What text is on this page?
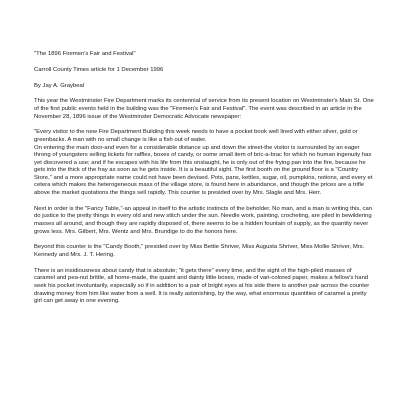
"The 1896 Firemen's Fair and Festival"

Carroll County Times article for 1 December 1996

By Jay A. Graybeal

This year the Westminster Fire Department marks its centennial of service from its present location on Westminster's Main St. One of the first public events held in the building was the "Firemen's Fair and Festival". The event was described in an article in the November 28, 1896 issue of the Westminster Democratic Advocate newspaper:

"Every visitor to the new Fire Department Building this week needs to have a pocket book well lined with either silver, gold or greenbacks. A man with no small change is like a fish out of water.

On entering the main door-and even for a considerable distance up and down the street-the visitor is surrounded by an eager throng of youngsters selling tickets for raffles, boxes of candy, or some small item of bric-a-brac for which no human ingenuity has yet discovered a use; and if he escapes with his life from this onslaught, he is only out of the frying pan into the fire, because he gets into the thick of the fray as soon as he gets inside. It is a beautiful sight. The first booth on the ground floor is a "Country Store," and a more appropriate name could not have been devised. Pots, pans, kettles, sugar, oil, pumpkins, notions, and every et cetera which makes the heterogeneous mass of the village store, is found here in abundance, and though the prices are a trifle above the market quotations the things sell rapidly. This counter is presided over by Mrs. Slagle and Mrs. Herr.

Next in order is the "Fancy Table,"-an appeal in itself to the artistic instincts of the beholder. No man, and a man is writing this, can do justice to the pretty things in every old and new stitch under the sun. Needle work, painting, crocheting, are piled in bewildering masses all around, and though they are rapidly disposed of, there seems to be a hidden fountain of supply, as the quantity never grows less. Mrs. Gilbert, Mrs. Wentz and Mrs. Brundige to do the honors here.

Beyond this counter is the "Candy Booth," presided over by Miss Bettie Shriver, Miss Augusta Shriver, Miss Mollie Shriver, Mrs. Kennedy and Mrs. J. T. Hering.

There is an insidiousness about candy that is absolute; "it gets there" every time, and the sight of the high-piled masses of caramel and pea-nut brittle, all home-made, the quaint and dainty little boxes, made of vari-colored paper, makes a fellow's hand seek his pocket involuntarily, especially so if in addition to a pair of bright eyes at his side there is another pair across the counter drawing money from him like water from a well. It is really astonishing, by the way, what enormous quantities of caramel a pretty girl can get away in one evening.
